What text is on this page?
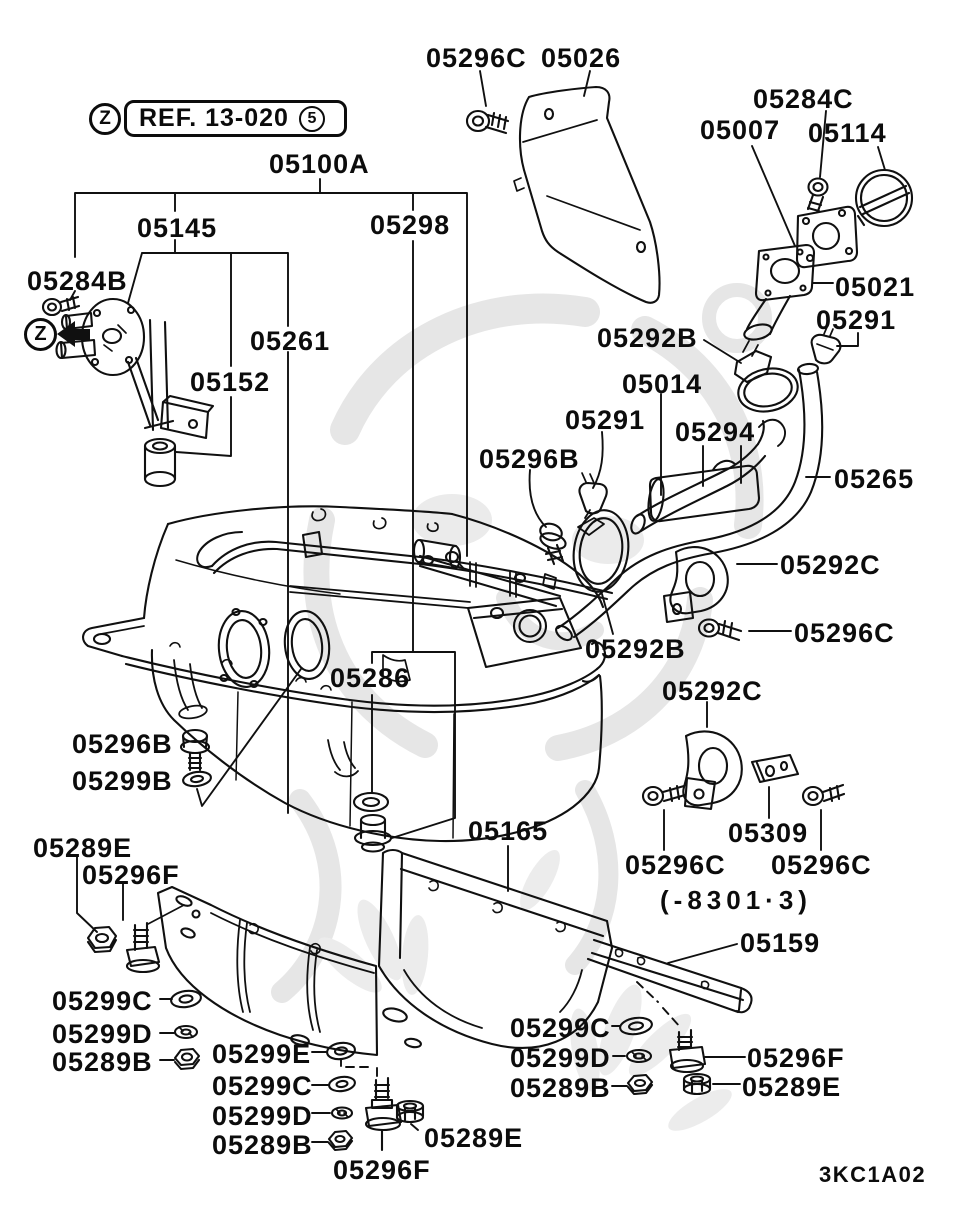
Z	REF. 13-020	5
Z
05296C 05026
05284C
05007 05114
05100A
05145	05298
05284B	05021
05291
05292B
05261
05014
05152
05291 05294
05296B
05265
05292C
05296C
05292B
05292C
05286
05296B
05299B
05289E
05296F
05165	05309
05296C 05296C
(-8301·3)
05159
05299C
05299D
05289B 05299E
05299C
05299D
05289B
05296F
05289E
05299C
05299D
05289B
05296F
05289E
3KC1A02
